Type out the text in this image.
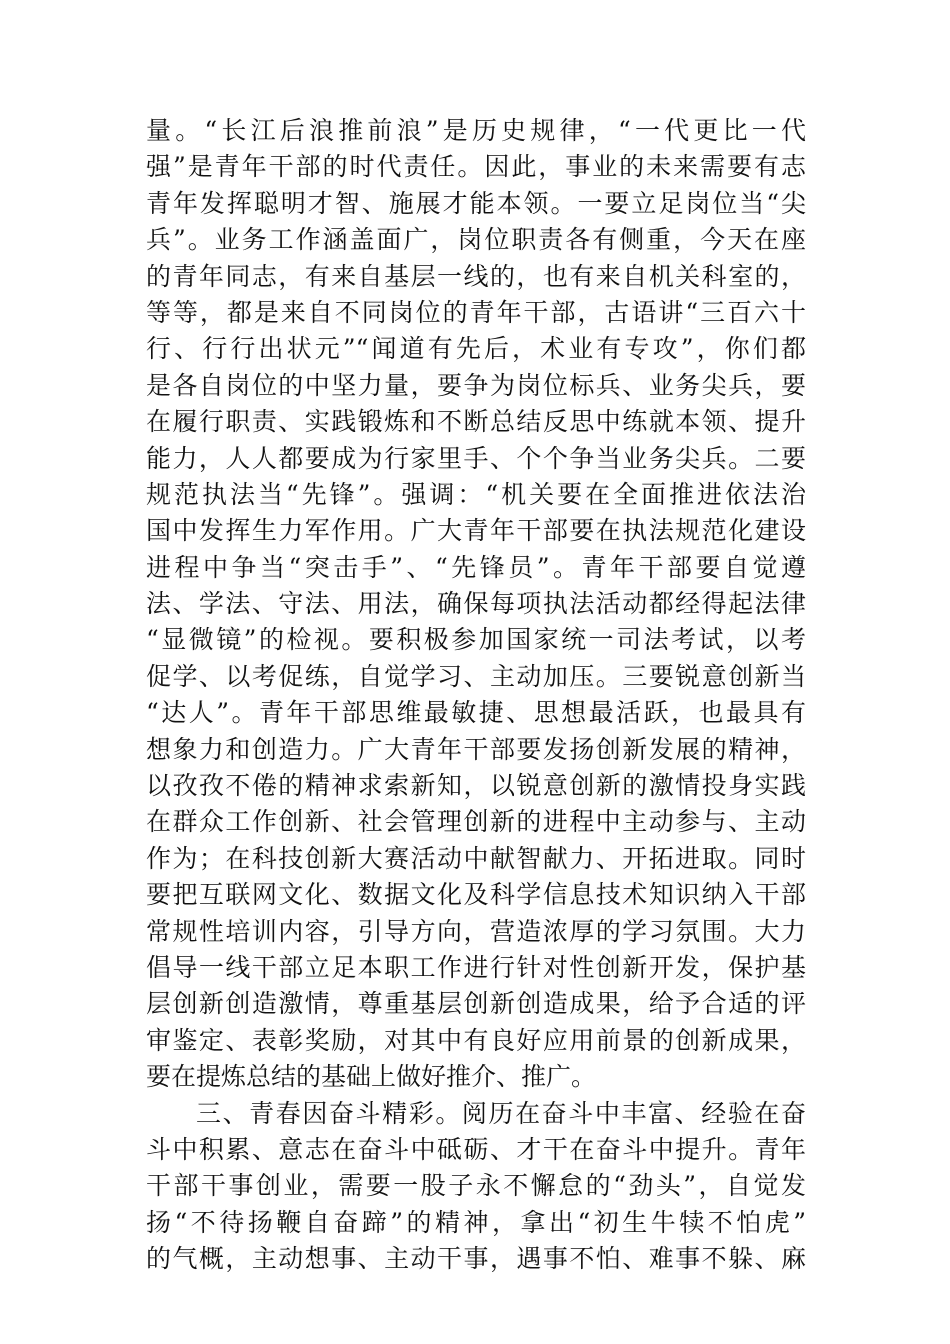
量。“长江后浪推前浪”是历史规律，“一代更比一代
强”是青年干部的时代责任。因此，事业的未来需要有志
青年发挥聪明才智、施展才能本领。一要立足岗位当“尖
兵”。业务工作涵盖面广，岗位职责各有侧重，今天在座
的青年同志，有来自基层一线的，也有来自机关科室的，
等等，都是来自不同岗位的青年干部，古语讲“三百六十
行、行行出状元”“闻道有先后，术业有专攻”，你们都
是各自岗位的中坚力量，要争为岗位标兵、业务尖兵，要
在履行职责、实践锻炼和不断总结反思中练就本领、提升
能力，人人都要成为行家里手、个个争当业务尖兵。二要
规范执法当“先锋”。强调：“机关要在全面推进依法治
国中发挥生力军作用。广大青年干部要在执法规范化建设
进程中争当“突击手”、“先锋员”。青年干部要自觉遵
法、学法、守法、用法，确保每项执法活动都经得起法律
“显微镜”的检视。要积极参加国家统一司法考试，以考
促学、以考促练，自觉学习、主动加压。三要锐意创新当
“达人”。青年干部思维最敏捷、思想最活跃，也最具有
想象力和创造力。广大青年干部要发扬创新发展的精神，
以孜孜不倦的精神求索新知，以锐意创新的激情投身实践
在群众工作创新、社会管理创新的进程中主动参与、主动
作为；在科技创新大赛活动中献智献力、开拓进取。同时
要把互联网文化、数据文化及科学信息技术知识纳入干部
常规性培训内容，引导方向，营造浓厚的学习氛围。大力
倡导一线干部立足本职工作进行针对性创新开发，保护基
层创新创造激情，尊重基层创新创造成果，给予合适的评
审鉴定、表彰奖励，对其中有良好应用前景的创新成果，
要在提炼总结的基础上做好推介、推广。
三、青春因奋斗精彩。阅历在奋斗中丰富、经验在奋
斗中积累、意志在奋斗中砥砺、才干在奋斗中提升。青年
干部干事创业，需要一股子永不懈怠的“劲头”，自觉发
扬“不待扬鞭自奋蹄”的精神，拿出“初生牛犊不怕虎”
的气概，主动想事、主动干事，遇事不怕、难事不躲、麻
